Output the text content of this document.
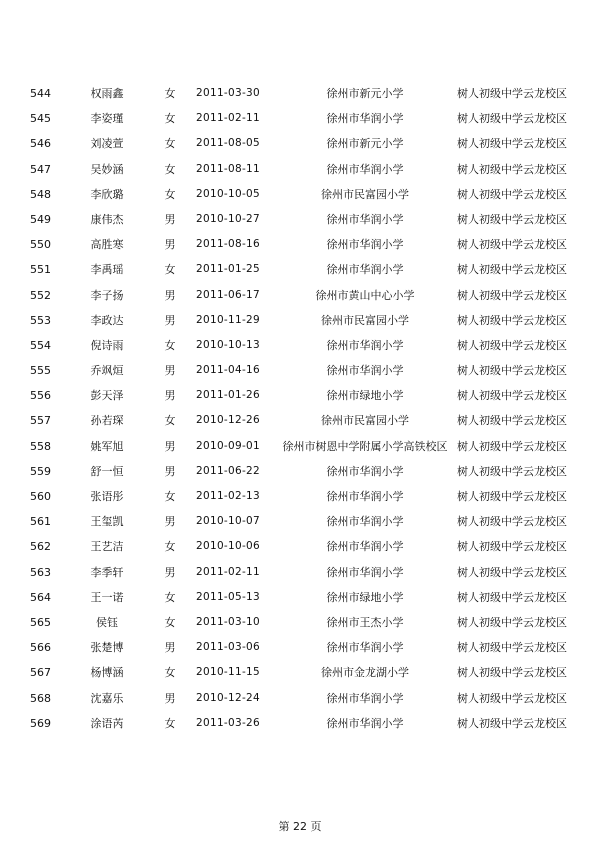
544	权雨鑫	女	2011-03-30	徐州市新元小学	树人初级中学云龙校区
545	李姿瑾	女	2011-02-11	徐州市华润小学	树人初级中学云龙校区
546	刘凌萱	女	2011-08-05	徐州市新元小学	树人初级中学云龙校区
547	吴妙涵	女	2011-08-11	徐州市华润小学	树人初级中学云龙校区
548	李欣璐	女	2010-10-05	徐州市民富园小学	树人初级中学云龙校区
549	康伟杰	男	2010-10-27	徐州市华润小学	树人初级中学云龙校区
550	高胜寒	男	2011-08-16	徐州市华润小学	树人初级中学云龙校区
551	李禹瑶	女	2011-01-25	徐州市华润小学	树人初级中学云龙校区
552	李子扬	男	2011-06-17	徐州市黄山中心小学	树人初级中学云龙校区
553	李政达	男	2010-11-29	徐州市民富园小学	树人初级中学云龙校区
554	倪诗雨	女	2010-10-13	徐州市华润小学	树人初级中学云龙校区
555	乔飒烜	男	2011-04-16	徐州市华润小学	树人初级中学云龙校区
556	彭天泽	男	2011-01-26	徐州市绿地小学	树人初级中学云龙校区
557	孙若琛	女	2010-12-26	徐州市民富园小学	树人初级中学云龙校区
558	姚军旭	男	2010-09-01	徐州市树恩中学附属小学高铁校区 树人初级中学云龙校区
559	舒一恒	男	2011-06-22	徐州市华润小学	树人初级中学云龙校区
560	张语彤	女	2011-02-13	徐州市华润小学	树人初级中学云龙校区
561	王玺凯	男	2010-10-07	徐州市华润小学	树人初级中学云龙校区
562	王艺洁	女	2010-10-06	徐州市华润小学	树人初级中学云龙校区
563	李季轩	男	2011-02-11	徐州市华润小学	树人初级中学云龙校区
564	王一诺	女	2011-05-13	徐州市绿地小学	树人初级中学云龙校区
565	侯钰	女	2011-03-10	徐州市王杰小学	树人初级中学云龙校区
566	张楚博	男	2011-03-06	徐州市华润小学	树人初级中学云龙校区
567	杨博涵	女	2010-11-15	徐州市金龙湖小学	树人初级中学云龙校区
568	沈嘉乐	男	2010-12-24	徐州市华润小学	树人初级中学云龙校区
569	涂语芮	女	2011-03-26	徐州市华润小学	树人初级中学云龙校区
第 22 页
